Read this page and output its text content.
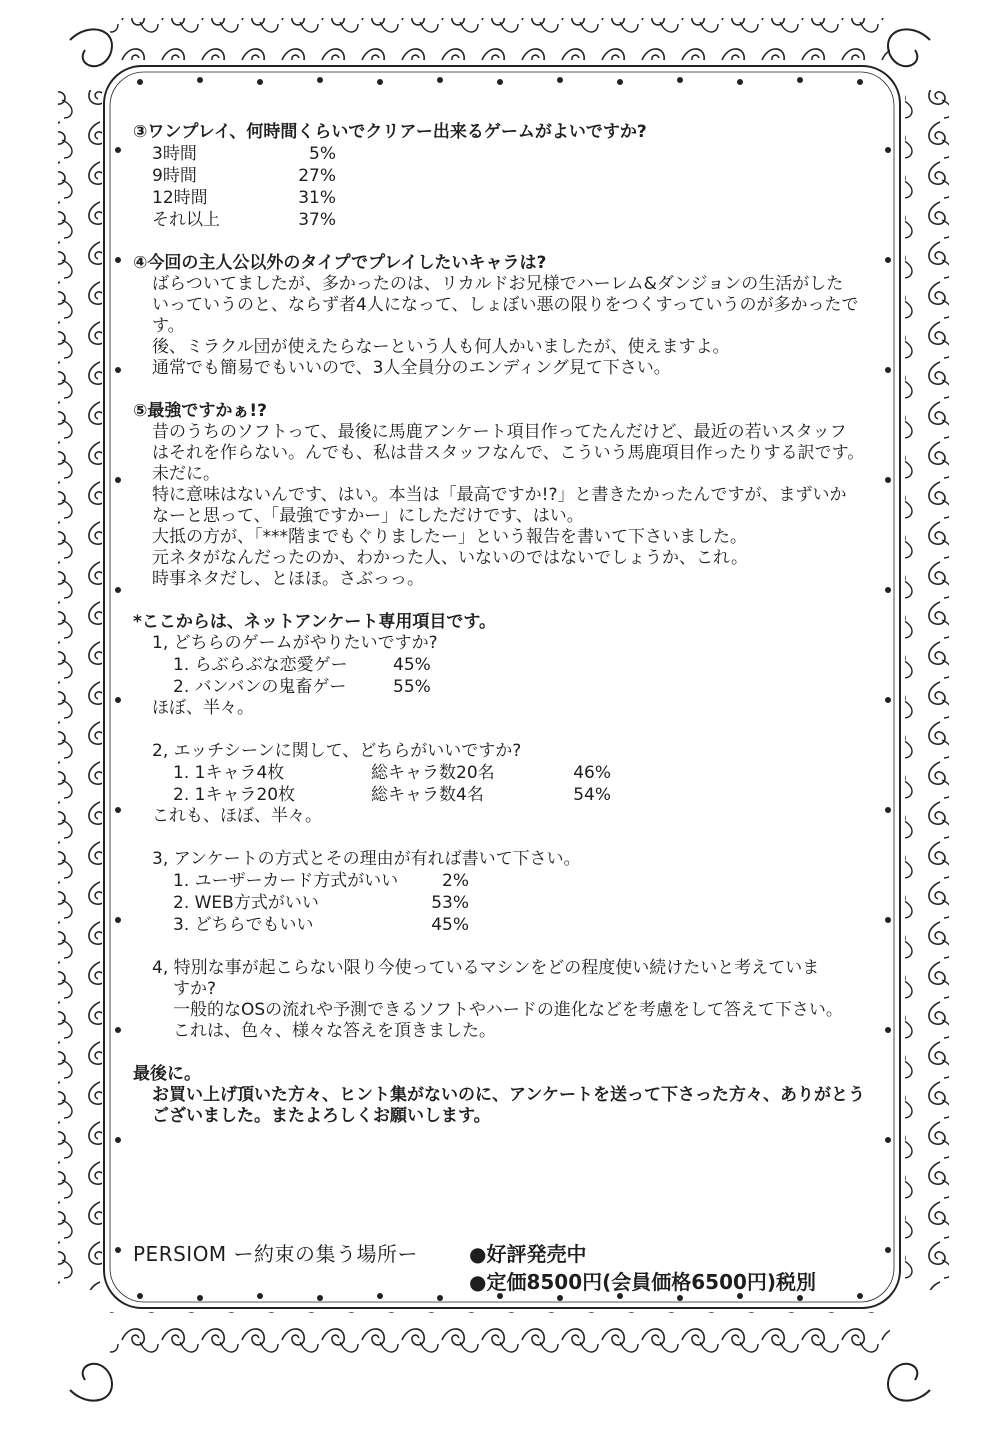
③ワンプレイ、何時間くらいでクリアー出来るゲームがよいですか?
3時間	5%
9時間	27%
12時間	31%
それ以上	37%
④今回の主人公以外のタイプでプレイしたいキャラは?
ばらついてましたが、多かったのは、リカルドお兄様でハーレム&ダンジョンの生活がした
いっていうのと、ならず者4人になって、しょぼい悪の限りをつくすっていうのが多かったで
す。
後、ミラクル団が使えたらなーという人も何人かいましたが、使えますよ。
通常でも簡易でもいいので、3人全員分のエンディング見て下さい。
⑤最強ですかぁ!?
昔のうちのソフトって、最後に馬鹿アンケート項目作ってたんだけど、最近の若いスタッフ
はそれを作らない。んでも、私は昔スタッフなんで、こういう馬鹿項目作ったりする訳です。
未だに。
特に意味はないんです、はい。本当は「最高ですか!?」と書きたかったんですが、まずいか
なーと思って、「最強ですかー」にしただけです、はい。
大抵の方が、「***階までもぐりましたー」という報告を書いて下さいました。
元ネタがなんだったのか、わかった人、いないのではないでしょうか、これ。
時事ネタだし、とほほ。さぶっっ。
*ここからは、ネットアンケート専用項目です。
1, どちらのゲームがやりたいですか?
1. らぶらぶな恋愛ゲー	45%
2. バンバンの鬼畜ゲー	55%
ほぼ、半々。
2, エッチシーンに関して、どちらがいいですか?
1. 1キャラ4枚	総キャラ数20名	46%
2. 1キャラ20枚	総キャラ数4名	54%
これも、ほぼ、半々。
3, アンケートの方式とその理由が有れば書いて下さい。
1. ユーザーカード方式がいい	2%
2. WEB方式がいい	53%
3. どちらでもいい	45%
4, 特別な事が起こらない限り今使っているマシンをどの程度使い続けたいと考えていま
すか?
一般的なOSの流れや予測できるソフトやハードの進化などを考慮をして答えて下さい。
これは、色々、様々な答えを頂きました。
最後に。
お買い上げ頂いた方々、ヒント集がないのに、アンケートを送って下さった方々、ありがとう
ございました。またよろしくお願いします。
PERSIOM ー約束の集う場所ー	●好評発売中
●定価8500円(会員価格6500円)税別
